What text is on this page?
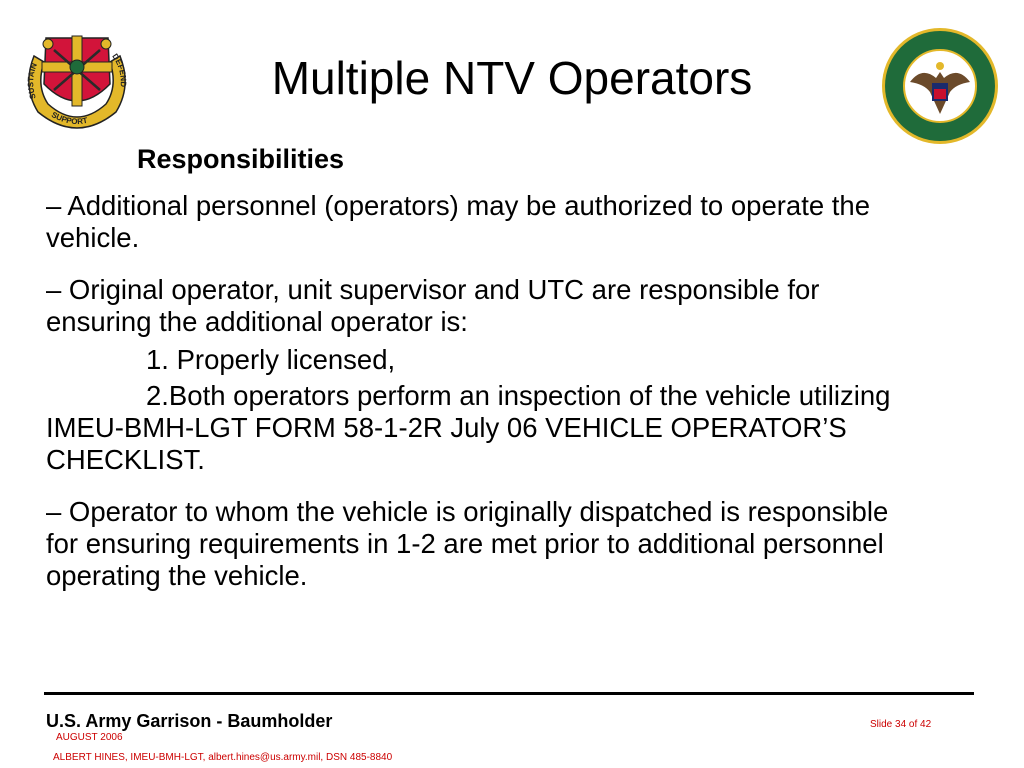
SUSTAIN
SUPPORT
DEFEND	Multiple NTV Operators
Responsibilities

– Additional personnel (operators) may be authorized to operate the vehicle.

– Original operator, unit supervisor and UTC are responsible for ensuring the additional operator is:

1. Properly licensed,

2.Both operators perform an inspection of the vehicle utilizing IMEU-BMH-LGT FORM 58-1-2R July 06 VEHICLE OPERATOR’S CHECKLIST.

– Operator to whom the vehicle is originally dispatched is responsible for ensuring requirements in 1-2 are met prior to additional personnel operating the vehicle.

U.S. Army Garrison - Baumholder
AUGUST 2006
ALBERT HINES, IMEU-BMH-LGT, albert.hines@us.army.mil, DSN 485-8840
Slide 34 of 42
